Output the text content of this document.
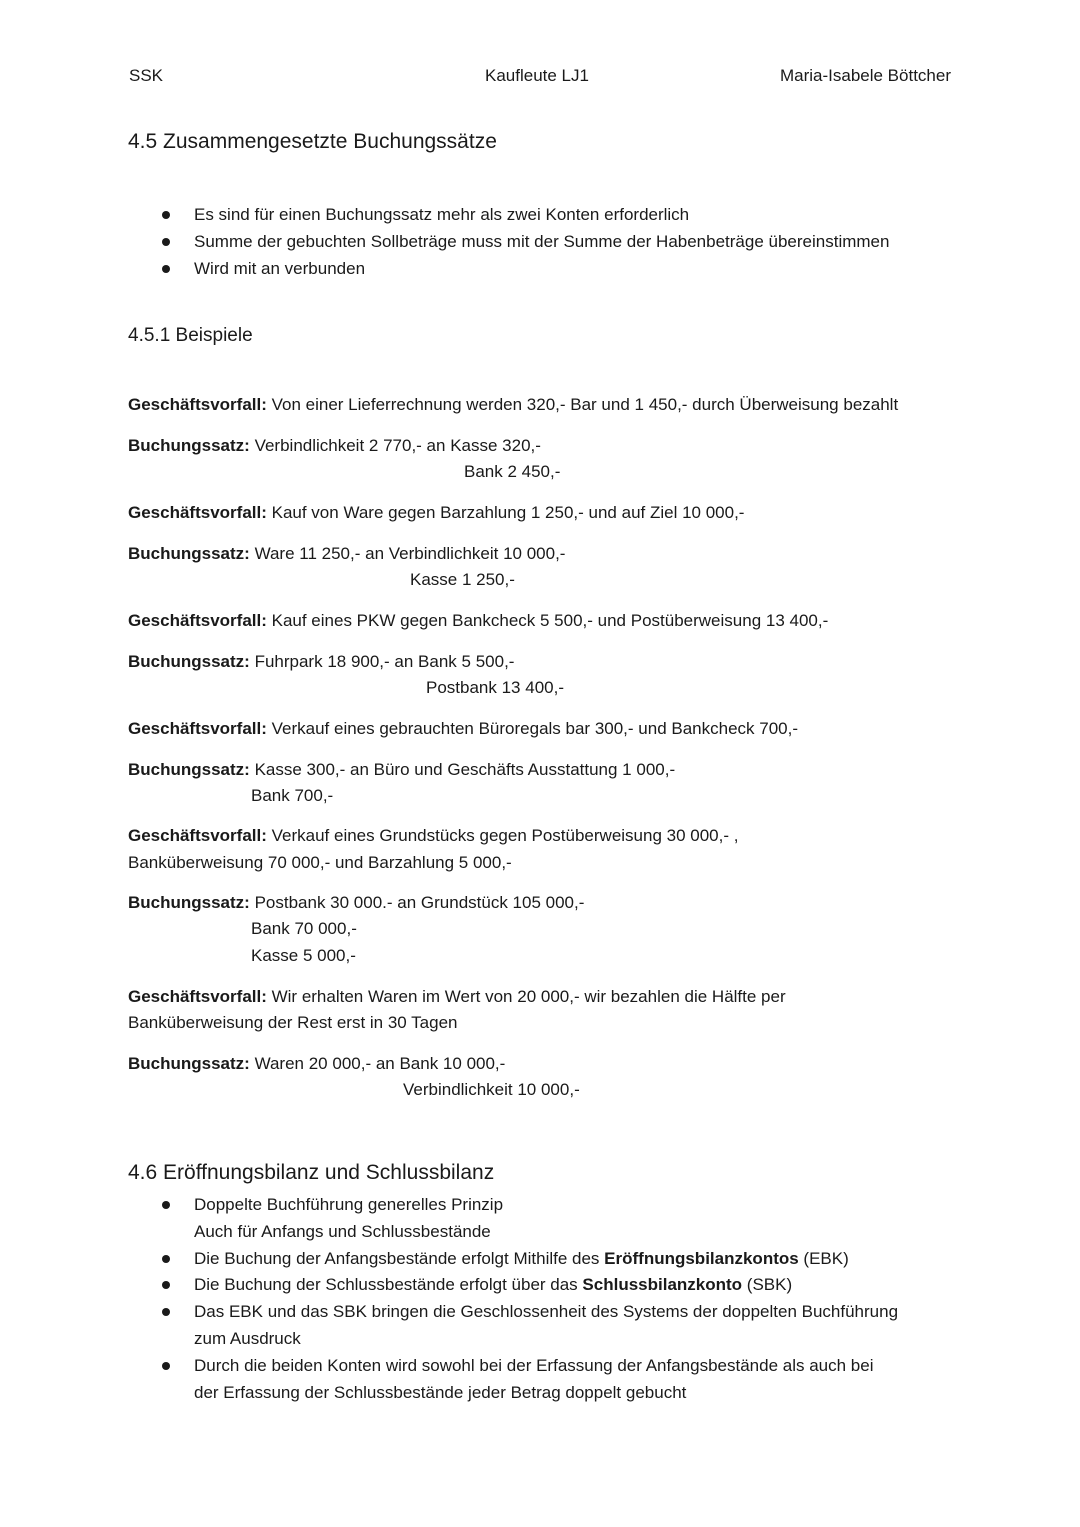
SSK	Kaufleute LJ1	Maria-Isabele Böttcher
4.5 Zusammengesetzte Buchungssätze
Es sind für einen Buchungssatz mehr als zwei Konten erforderlich
Summe der gebuchten Sollbeträge muss mit der Summe der Habenbeträge übereinstimmen
Wird mit an verbunden
4.5.1 Beispiele
Geschäftsvorfall: Von einer Lieferrechnung werden 320,- Bar und 1 450,- durch Überweisung bezahlt
Buchungssatz: Verbindlichkeit 2 770,- an Kasse 320,-
Bank 2 450,-
Geschäftsvorfall: Kauf von Ware gegen Barzahlung 1 250,- und auf Ziel 10 000,-
Buchungssatz: Ware 11 250,- an Verbindlichkeit 10 000,-
Kasse 1 250,-
Geschäftsvorfall: Kauf eines PKW gegen Bankcheck 5 500,- und Postüberweisung 13 400,-
Buchungssatz: Fuhrpark 18 900,- an Bank 5 500,-
Postbank 13 400,-
Geschäftsvorfall: Verkauf eines gebrauchten Büroregals bar 300,- und Bankcheck 700,-
Buchungssatz: Kasse 300,- an Büro und Geschäfts Ausstattung 1 000,-
Bank 700,-
Geschäftsvorfall: Verkauf eines Grundstücks gegen Postüberweisung 30 000,- ,
Banküberweisung 70 000,- und Barzahlung 5 000,-
Buchungssatz: Postbank 30 000.- an Grundstück 105 000,-
Bank 70 000,-
Kasse 5 000,-
Geschäftsvorfall: Wir erhalten Waren im Wert von 20 000,- wir bezahlen die Hälfte per
Banküberweisung der Rest erst in 30 Tagen
Buchungssatz: Waren 20 000,- an Bank 10 000,-
Verbindlichkeit 10 000,-
4.6 Eröffnungsbilanz und Schlussbilanz
Doppelte Buchführung generelles Prinzip
Auch für Anfangs und Schlussbestände
Die Buchung der Anfangsbestände erfolgt Mithilfe des Eröffnungsbilanzkontos (EBK)
Die Buchung der Schlussbestände erfolgt über das Schlussbilanzkonto (SBK)
Das EBK und das SBK bringen die Geschlossenheit des Systems der doppelten Buchführung
zum Ausdruck
Durch die beiden Konten wird sowohl bei der Erfassung der Anfangsbestände als auch bei
der Erfassung der Schlussbestände jeder Betrag doppelt gebucht
